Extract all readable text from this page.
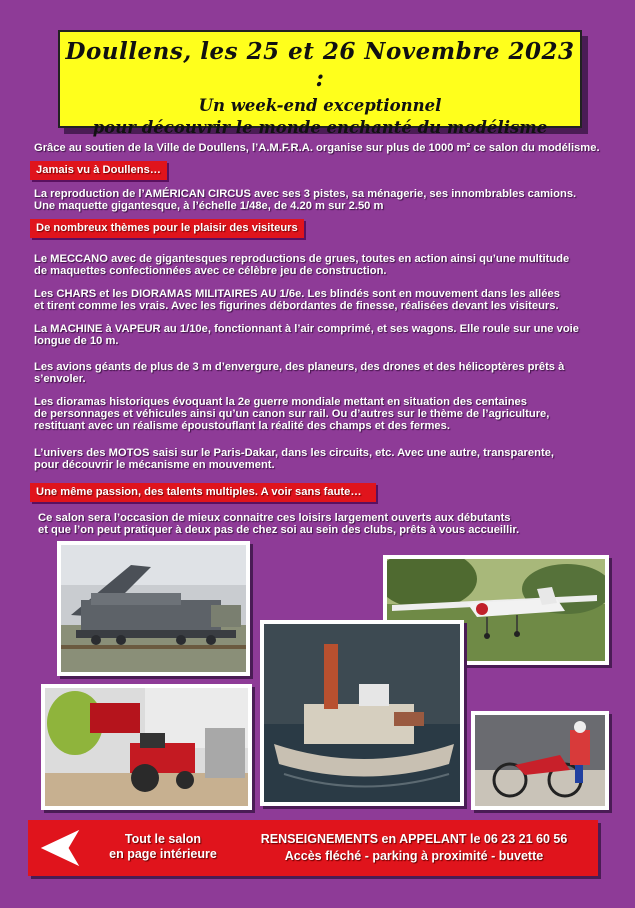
Doullens, les 25 et 26 Novembre 2023 :
Un week-end exceptionnel
pour découvrir le monde enchanté du modélisme
Grâce au soutien de la Ville de Doullens, l’A.M.F.R.A. organise sur plus de 1000 m² ce salon du modélisme.
Jamais vu à Doullens…
La reproduction de l’AMÉRICAN CIRCUS avec ses 3 pistes, sa ménagerie, ses innombrables camions.
Une maquette gigantesque, à l’échelle 1/48e, de 4.20 m sur 2.50 m
De nombreux thèmes pour le plaisir des visiteurs
Le MECCANO avec de gigantesques reproductions de grues, toutes en action ainsi qu’une multitude
de maquettes confectionnées avec ce célèbre jeu de construction.
Les CHARS et les DIORAMAS MILITAIRES AU 1/6e. Les blindés sont en mouvement dans les allées
et tirent comme les vrais. Avec les figurines débordantes de finesse, réalisées devant les visiteurs.
La MACHINE à VAPEUR au 1/10e, fonctionnant à l’air comprimé, et ses wagons. Elle roule sur une voie
longue de 10 m.
Les avions géants de plus de 3 m d’envergure, des planeurs, des drones et des hélicoptères prêts à
s’envoler.
Les dioramas historiques évoquant la 2e guerre mondiale mettant en situation des centaines
de personnages et véhicules ainsi qu’un canon sur rail. Ou d’autres sur le thème de l’agriculture,
restituant avec un réalisme époustouflant la réalité des champs et des fermes.
L’univers des MOTOS saisi sur le Paris-Dakar, dans les circuits, etc. Avec une autre, transparente,
pour découvrir le mécanisme en mouvement.
Une même passion, des talents multiples. A voir sans faute…
Ce salon sera l’occasion de mieux connaitre ces loisirs largement ouverts aux débutants
et que l’on peut pratiquer à deux pas de chez soi au sein des clubs, prêts à vous accueillir.
Tout le salon
en page intérieure
RENSEIGNEMENTS en APPELANT le 06 23 21 60 56
Accès fléché - parking à proximité - buvette
